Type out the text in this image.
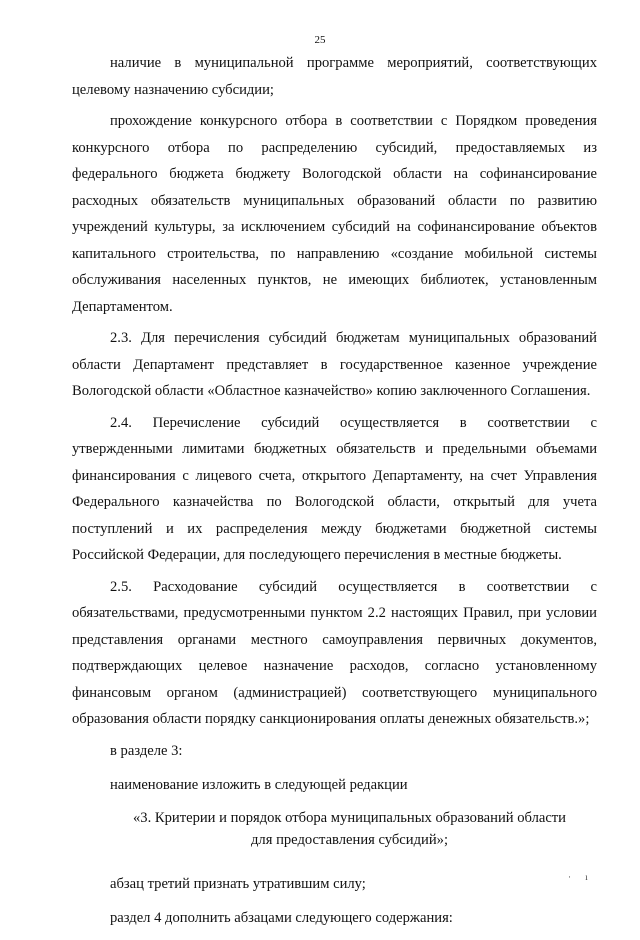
25

наличие в муниципальной программе мероприятий, соответствующих целевому назначению субсидии;

прохождение конкурсного отбора в соответствии с Порядком проведения конкурсного отбора по распределению субсидий, предоставляемых из федерального бюджета бюджету Вологодской области на софинансирование расходных обязательств муниципальных образований области по развитию учреждений культуры, за исключением субсидий на софинансирование объектов капитального строительства, по направлению «создание мобильной системы обслуживания населенных пунктов, не имеющих библиотек, установленным Департаментом.

2.3. Для перечисления субсидий бюджетам муниципальных образований области Департамент представляет в государственное казенное учреждение Вологодской области «Областное казначейство» копию заключенного Соглашения.

2.4. Перечисление субсидий осуществляется в соответствии с утвержденными лимитами бюджетных обязательств и предельными объемами финансирования с лицевого счета, открытого Департаменту, на счет Управления Федерального казначейства по Вологодской области, открытый для учета поступлений и их распределения между бюджетами бюджетной системы Российской Федерации, для последующего перечисления в местные бюджеты.

2.5. Расходование субсидий осуществляется в соответствии с обязательствами, предусмотренными пунктом 2.2 настоящих Правил, при условии представления органами местного самоуправления первичных документов, подтверждающих целевое назначение расходов, согласно установленному финансовым органом (администрацией) соответствующего муниципального образования области порядку санкционирования оплаты денежных обязательств.»;

в разделе 3:

наименование изложить в следующей редакции

«3. Критерии и порядок отбора муниципальных образований области
для предоставления субсидий»;

абзац третий признать утратившим силу;

раздел 4 дополнить абзацами следующего содержания:

· ı
